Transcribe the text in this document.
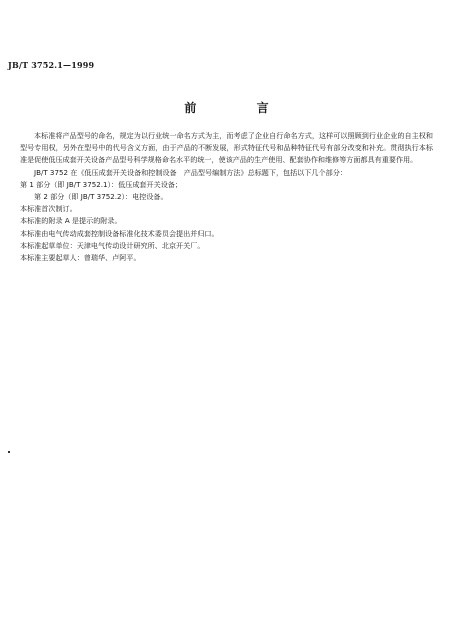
JB/T 3752.1—1999
前 言

本标准将产品型号的命名，规定为以行业统一命名方式为主，而考虑了企业自行命名方式，这样可以照顾到行业企业的自主权和型号专用权，另外在型号中的代号含义方面，由于产品的不断发展，形式特征代号和品种特征代号有部分改变和补充。贯彻执行本标准是促使低压成套开关设备产品型号科学规格命名水平的统一，使该产品的生产使用、配套协作和维修等方面都具有重要作用。

JB/T 3752 在《低压成套开关设备和控制设备　产品型号编制方法》总标题下，包括以下几个部分：

第 1 部分（即 JB/T 3752.1）：低压成套开关设备；

第 2 部分（即 JB/T 3752.2）：电控设备。

本标准首次制订。

本标准的附录 A 是提示的附录。

本标准由电气传动成套控制设备标准化技术委员会提出并归口。

本标准起草单位：天津电气传动设计研究所、北京开关厂。

本标准主要起草人：曾瑞华、卢阿平。
